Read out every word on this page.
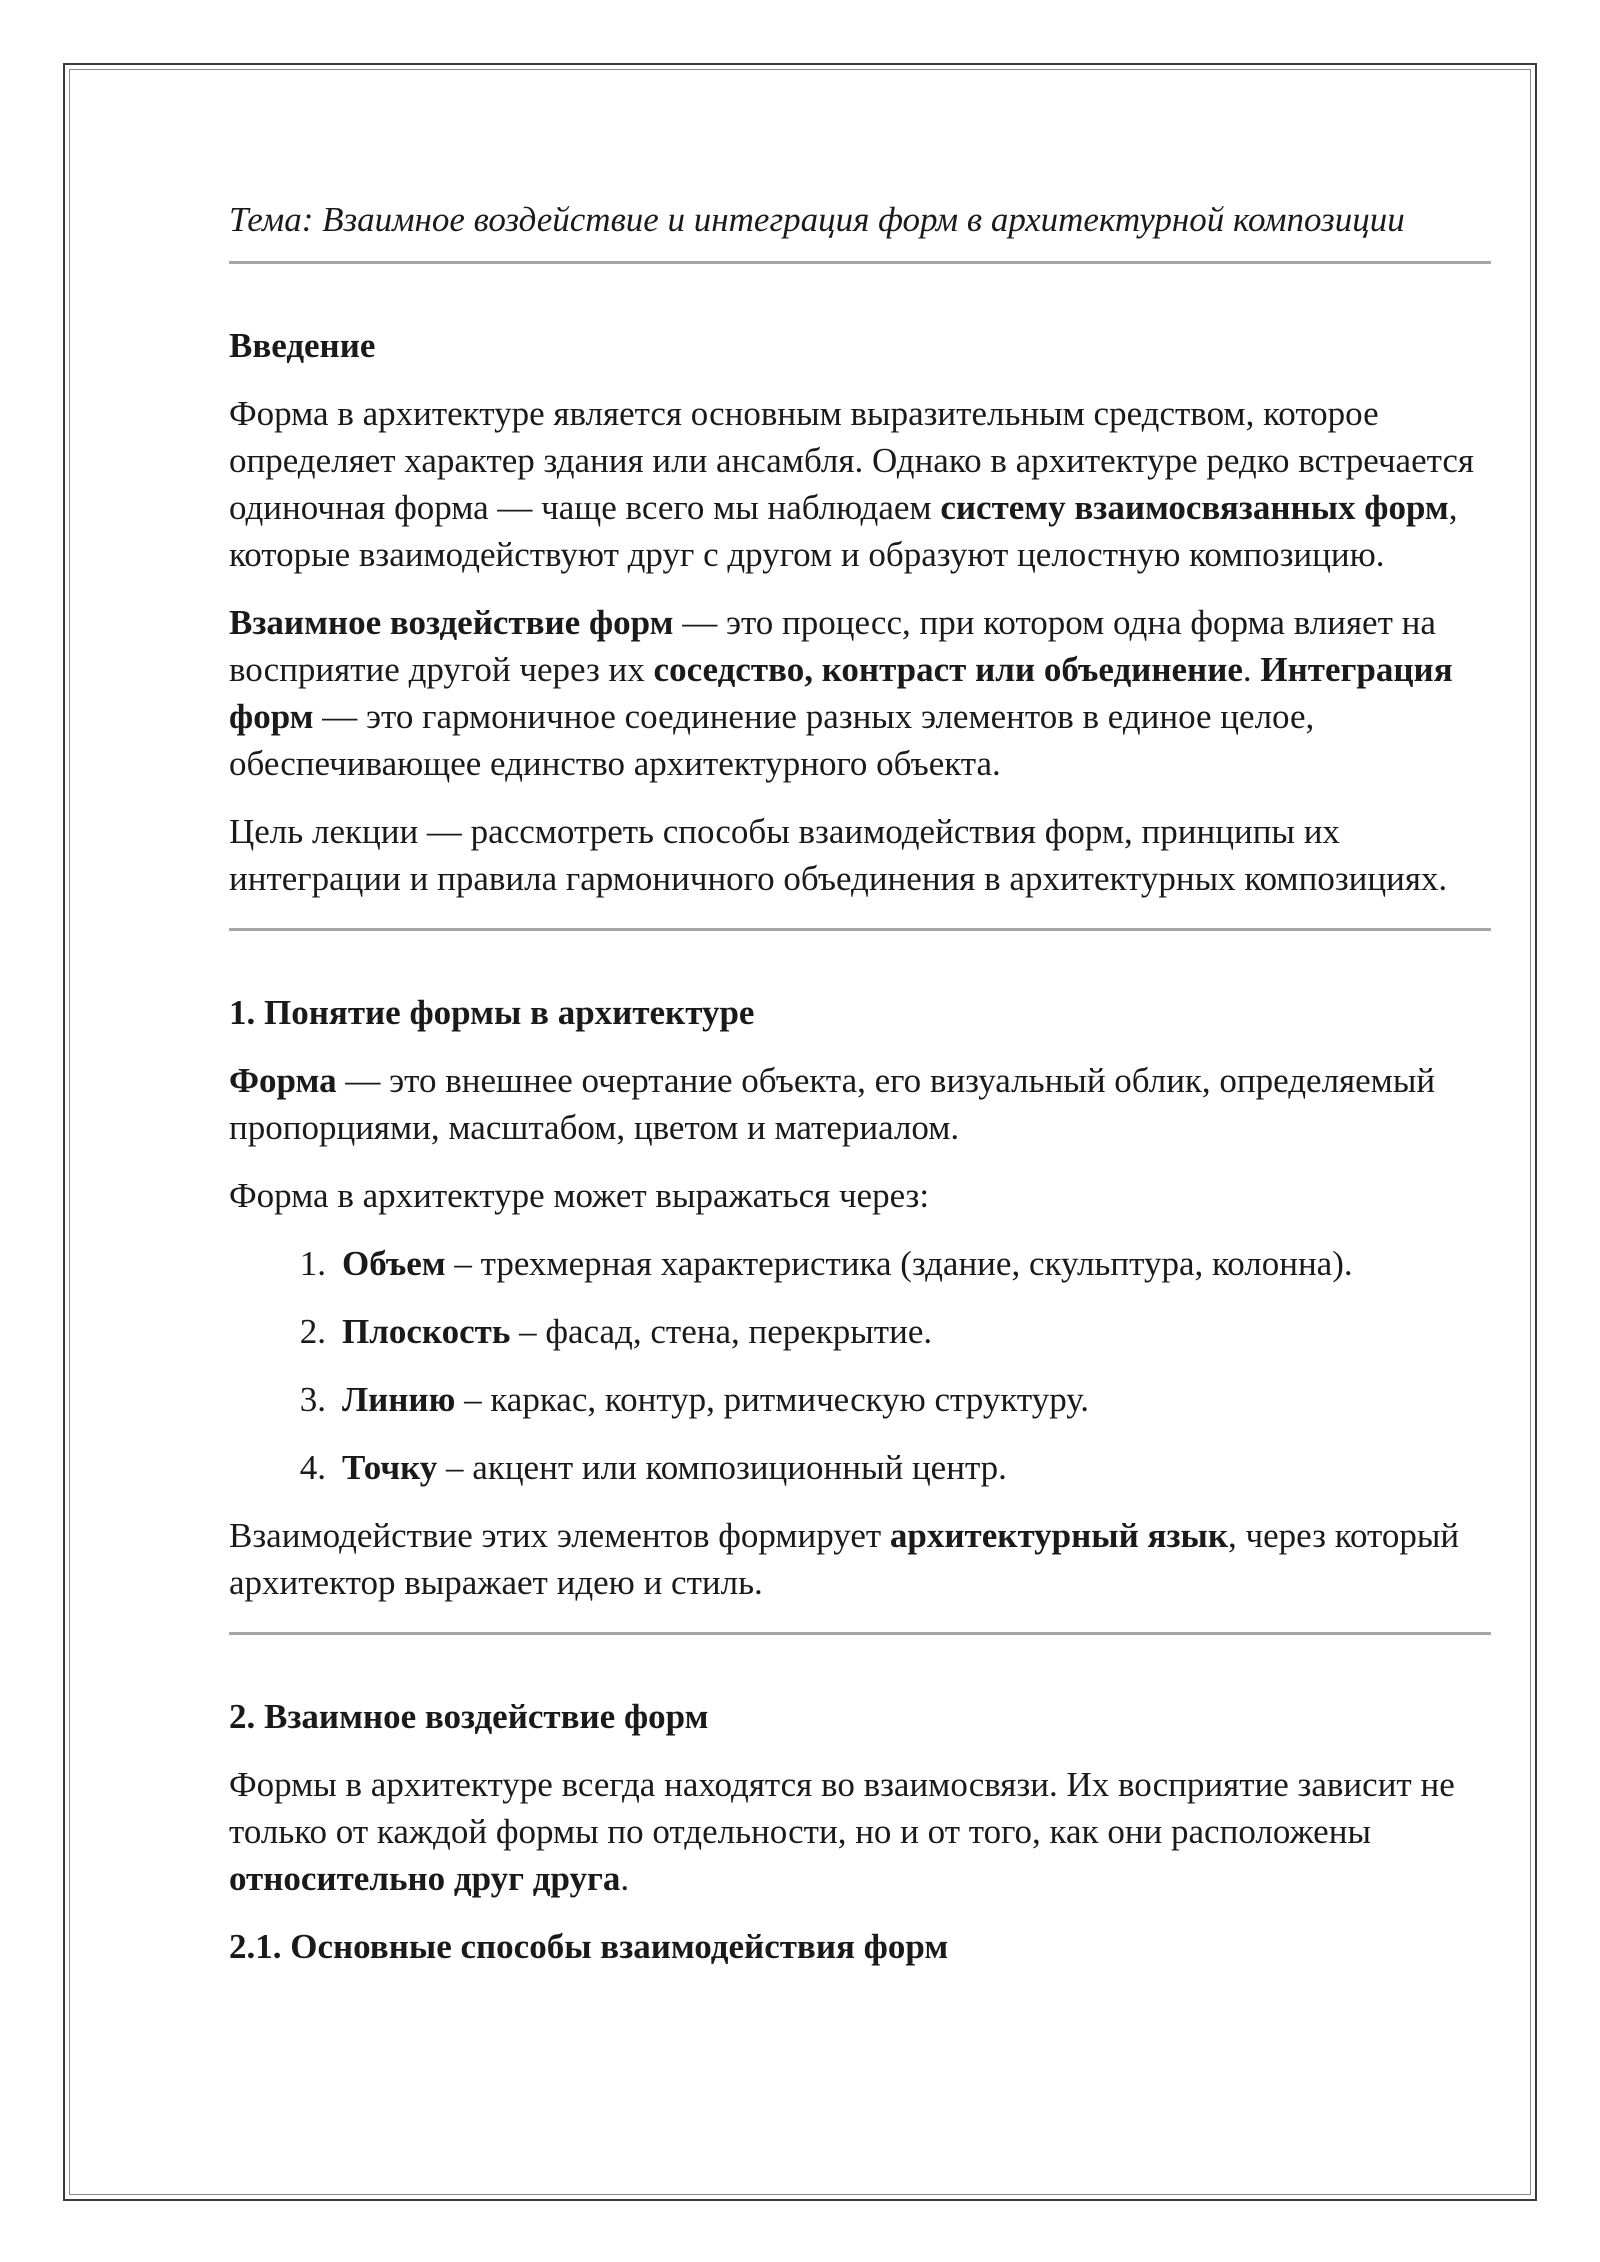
Тема: Взаимное воздействие и интеграция форм в архитектурной композиции

Введение

Форма в архитектуре является основным выразительным средством, которое определяет характер здания или ансамбля. Однако в архитектуре редко встречается одиночная форма — чаще всего мы наблюдаем систему взаимосвязанных форм, которые взаимодействуют друг с другом и образуют целостную композицию.

Взаимное воздействие форм — это процесс, при котором одна форма влияет на восприятие другой через их соседство, контраст или объединение. Интеграция форм — это гармоничное соединение разных элементов в единое целое, обеспечивающее единство архитектурного объекта.

Цель лекции — рассмотреть способы взаимодействия форм, принципы их интеграции и правила гармоничного объединения в архитектурных композициях.

1. Понятие формы в архитектуре

Форма — это внешнее очертание объекта, его визуальный облик, определяемый пропорциями, масштабом, цветом и материалом.

Форма в архитектуре может выражаться через:

1. Объем – трехмерная характеристика (здание, скульптура, колонна).
2. Плоскость – фасад, стена, перекрытие.
3. Линию – каркас, контур, ритмическую структуру.
4. Точку – акцент или композиционный центр.

Взаимодействие этих элементов формирует архитектурный язык, через который архитектор выражает идею и стиль.

2. Взаимное воздействие форм

Формы в архитектуре всегда находятся во взаимосвязи. Их восприятие зависит не только от каждой формы по отдельности, но и от того, как они расположены относительно друг друга.

2.1. Основные способы взаимодействия форм
